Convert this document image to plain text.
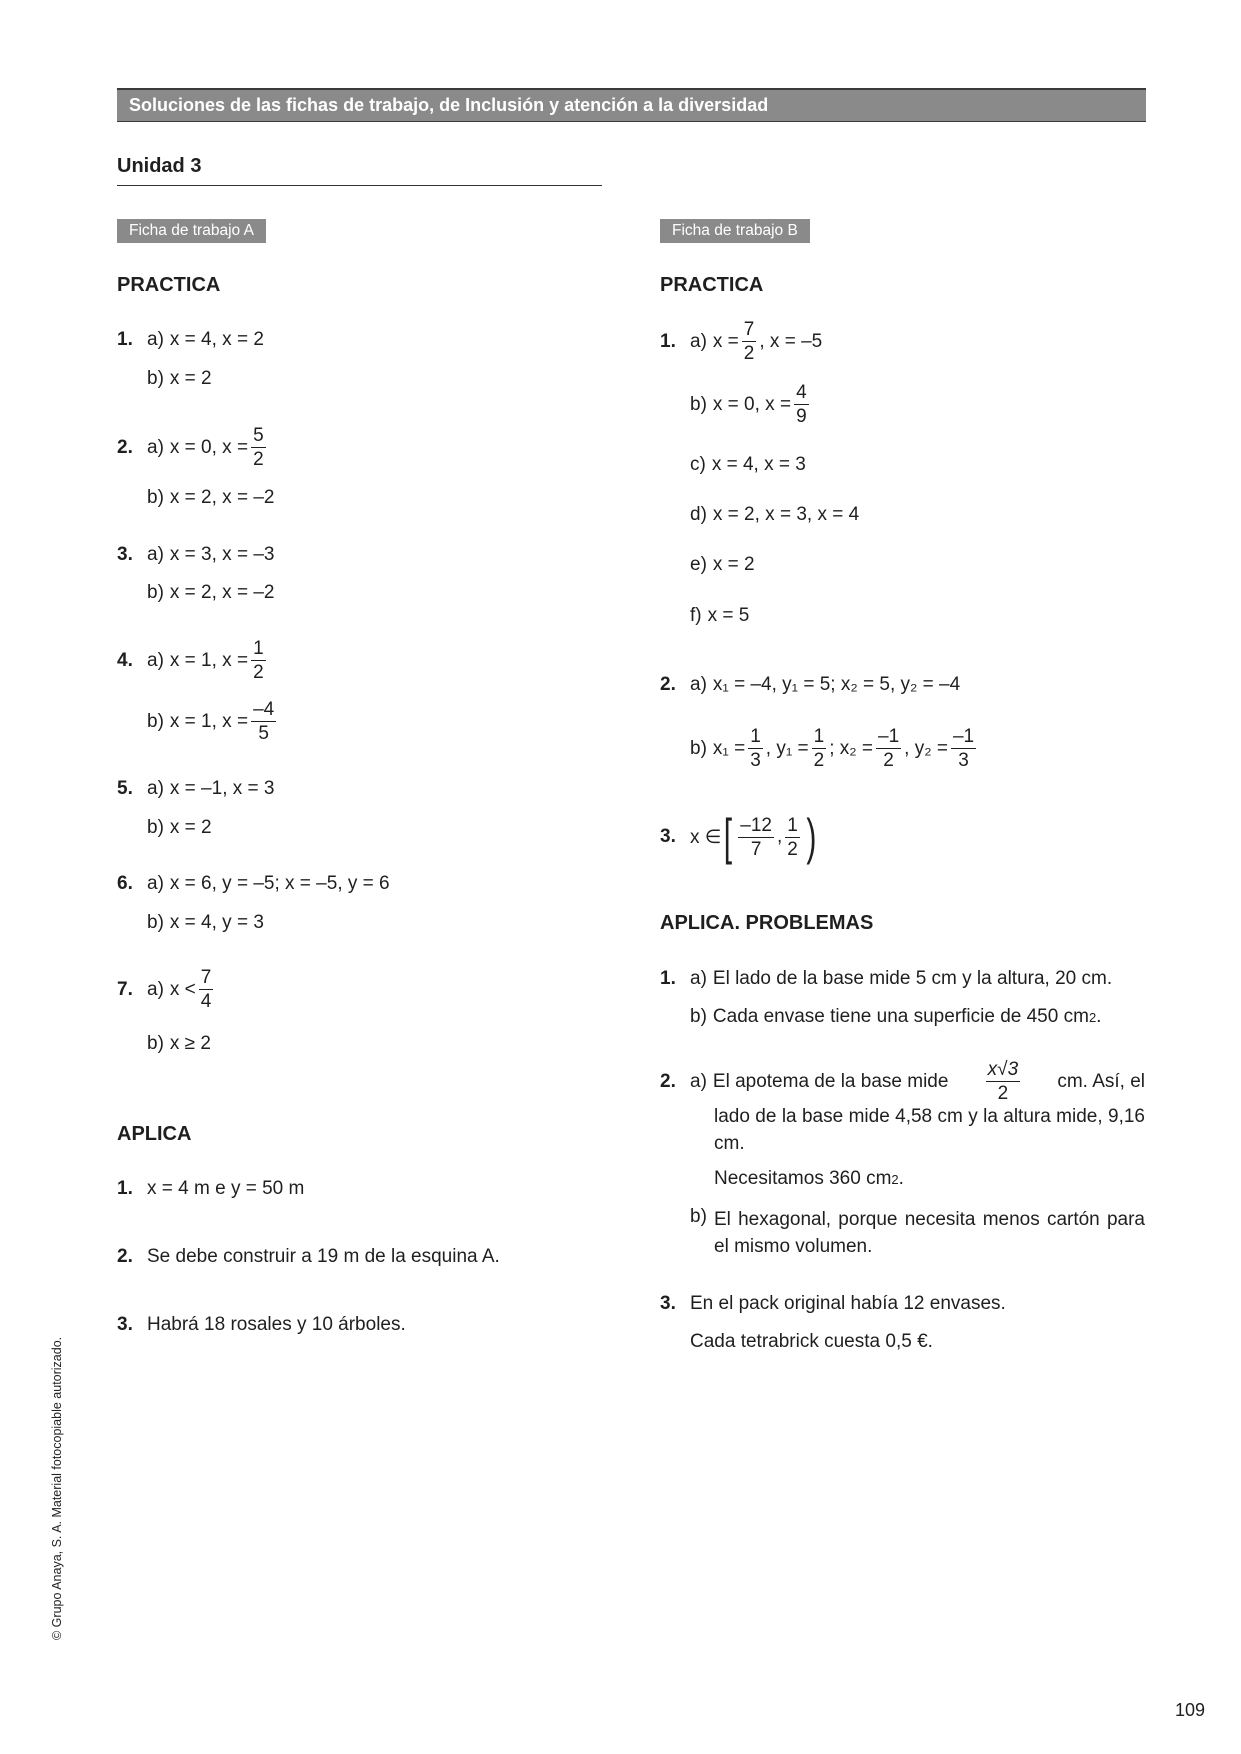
Soluciones de las fichas de trabajo, de Inclusión y atención a la diversidad
Unidad 3
Ficha de trabajo A
PRACTICA
1. a) x = 4, x = 2
b) x = 2
2. a) x = 0, $x = \frac{5}{2}$
b) x = 2, x = –2
3. a) x = 3, x = –3
b) x = 2, x = –2
4. a) x = 1, $x = \frac{1}{2}$
b) x = 1, $x = \frac{-4}{5}$
5. a) x = –1, x = 3
b) x = 2
6. a) x = 6, y = –5; x = –5, y = 6
b) x = 4, y = 3
7. a) $x < \frac{7}{4}$
b) x ≥ 2
APLICA
1. x = 4 m e y = 50 m
2. Se debe construir a 19 m de la esquina A.
3. Habrá 18 rosales y 10 árboles.
Ficha de trabajo B
PRACTICA
1. a) $x = \frac{7}{2}$ , x = –5
b) x = 0, $x = \frac{4}{9}$
c) x = 4, x = 3
d) x = 2, x = 3, x = 4
e) x = 2
f) x = 5
2. a) x₁ = –4, y₁ = 5; x₂ = 5, y₂ = –4
b) $x_1 = \frac{1}{3}$ , $y_1 = \frac{1}{2}$ ; $x_2 = \frac{-1}{2}$ , $y_2 = \frac{-1}{3}$
3. x ∈ [ $\frac{-12}{7}$ , $\frac{1}{2}$ )
APLICA. PROBLEMAS
1. a) El lado de la base mide 5 cm y la altura, 20 cm.
b) Cada envase tiene una superficie de 450 cm 2 .
2. a) El apotema de la base mide $\frac{x√3}{2}$ cm. Así, el
lado de la base mide 4,58 cm y la altura mide, 9,16 cm.
Necesitamos 360 cm 2 .
b) El hexagonal, porque necesita menos cartón para el mismo volumen.
3. En el pack original había 12 envases.
Cada tetrabrick cuesta 0,5 €.
© Grupo Anaya, S. A. Material fotocopiable autorizado.
109
